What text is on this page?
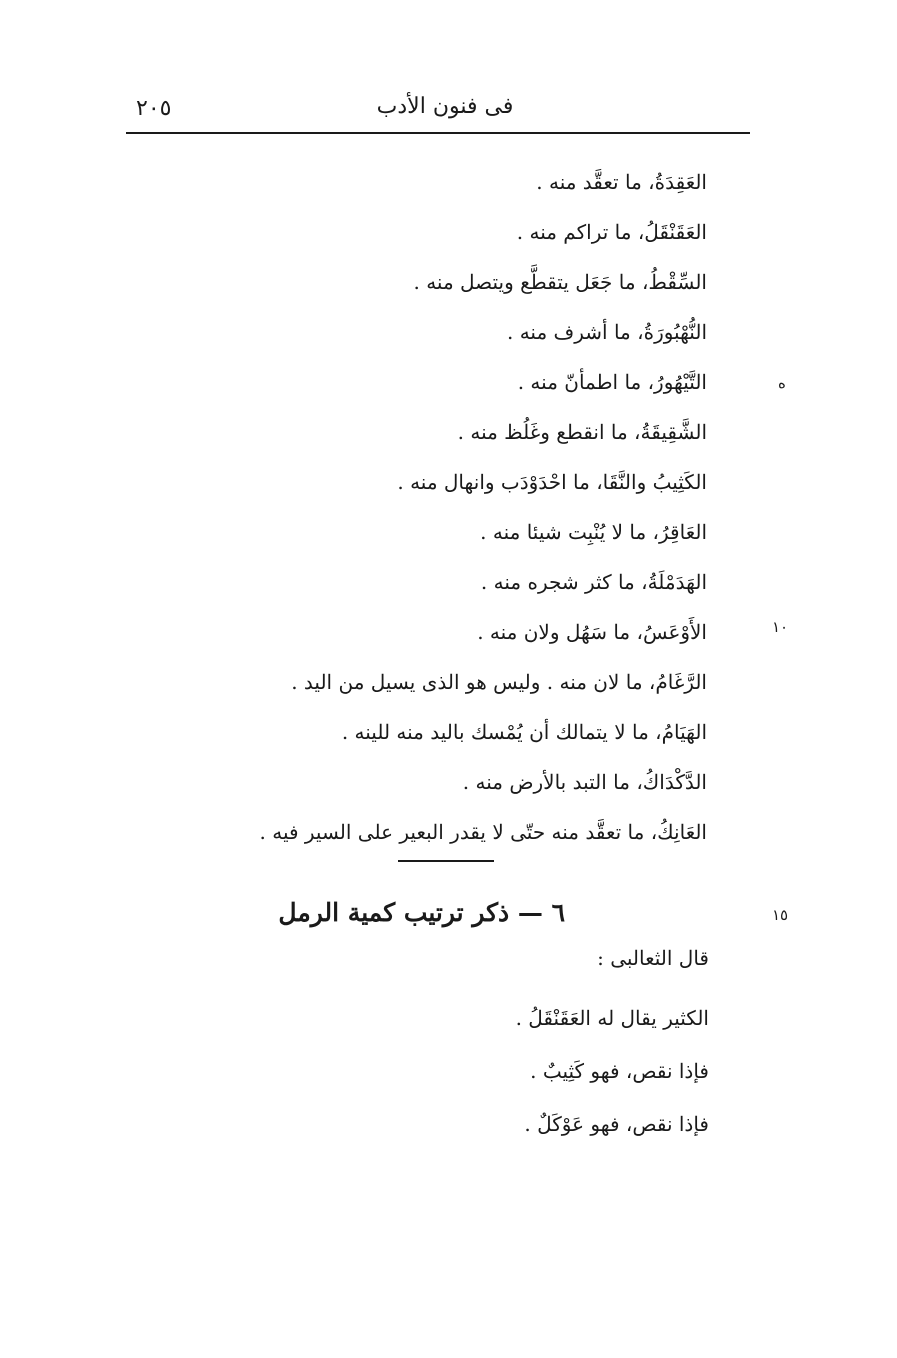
فى فنون الأدب
٢٠٥
العَقِدَةُ، ما تعقَّد منه .
العَقَنْقَلُ، ما تراكم منه .
السِّقْطُ، ما جَعَل يتقطَّع ويتصل منه .
النُّهْبُورَةُ، ما أشرف منه .
التَّيْهُورُ، ما اطمأنّ منه .
الشَّقِيقَةُ، ما انقطع وغَلُظ منه .
الكَثِيبُ والنَّقَا، ما احْدَوْدَب وانهال منه .
العَاقِرُ، ما لا يُنْبِت شيئا منه .
الهَدَمْلَةُ، ما كثر شجره منه .
الأَوْعَسُ، ما سَهُل ولان منه .
الرَّغَامُ، ما لان منه . وليس هو الذى يسيل من اليد .
الهَيَامُ، ما لا يتمالك أن يُمْسك باليد منه للينه .
الدَّكْدَاكُ، ما التبد بالأرض منه .
العَانِكُ، ما تعقَّد منه حتّى لا يقدر البعير على السير فيه .
ه
١٠
١٥
٦ — ذكر ترتيب كمية الرمل
قال الثعالبى :
الكثير يقال له العَقَنْقَلُ .
فإذا نقص، فهو كَثِيبٌ .
فإذا نقص، فهو عَوْكَلٌ .
